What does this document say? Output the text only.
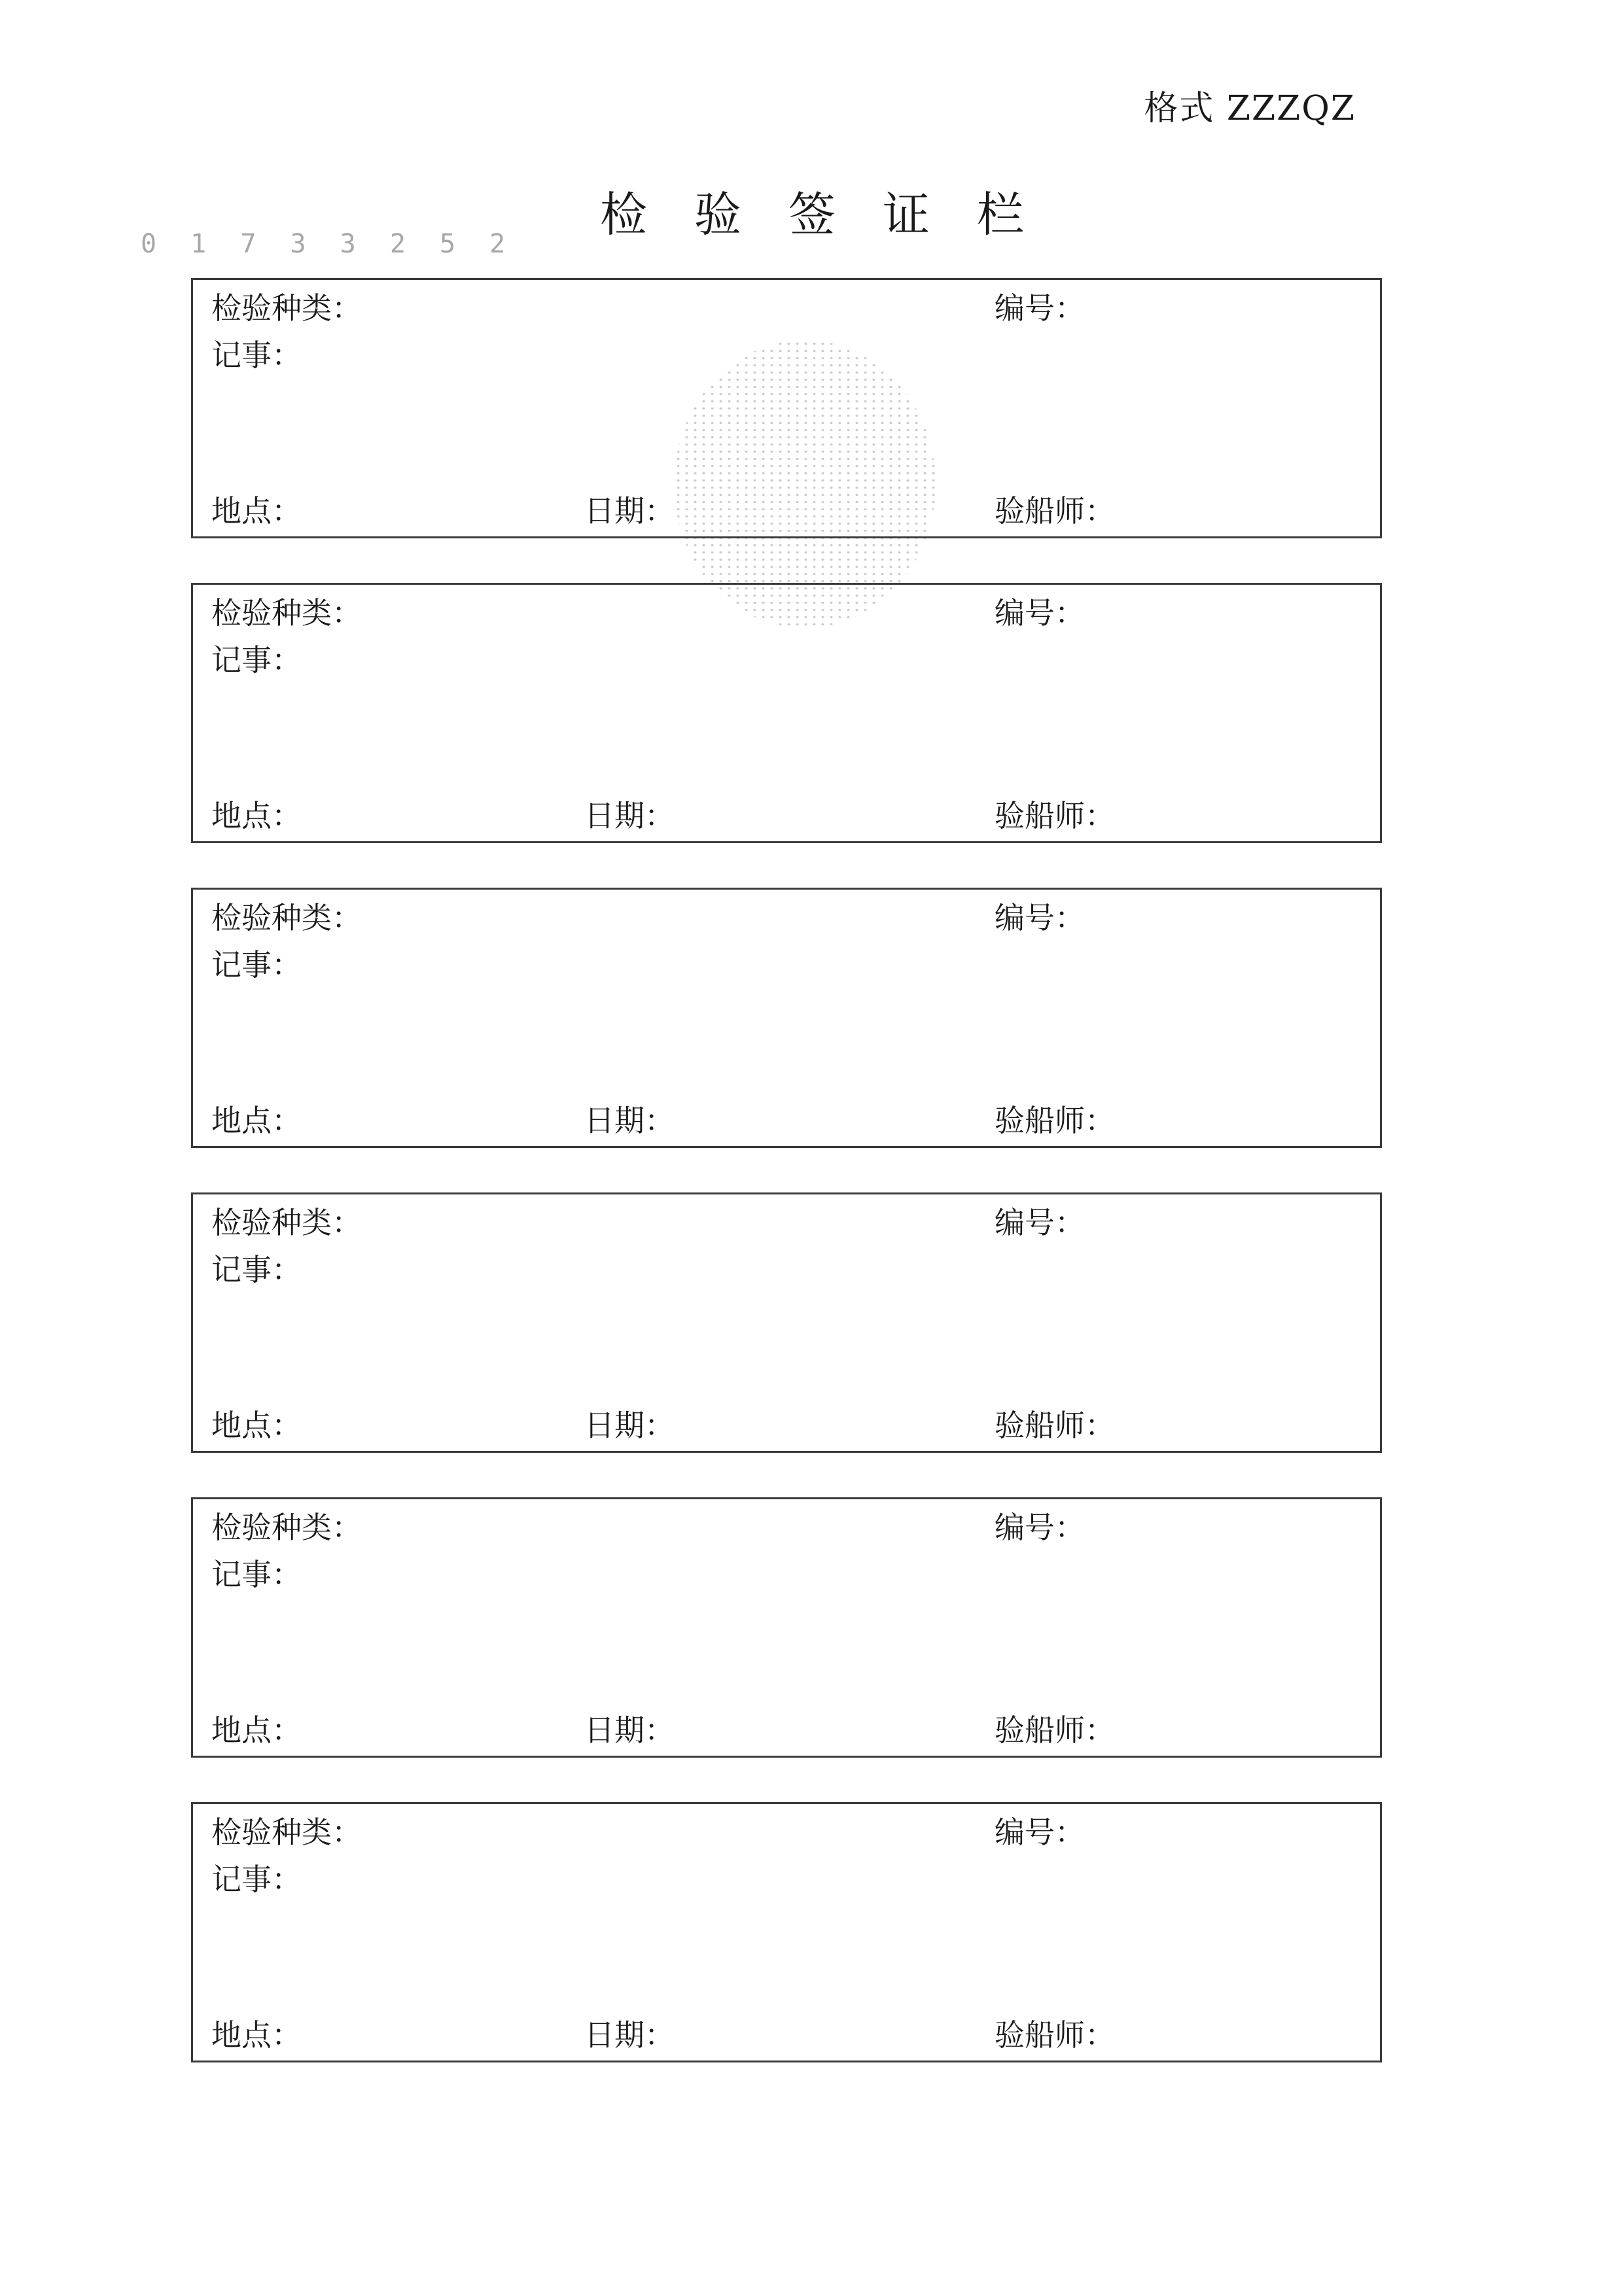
格式 ZZZQZ
0 1 7 3 3 2 5 2
检 验 签 证 栏
检验种类：	编号：
记事：
地点：	日期：	验船师：
检验种类：	编号：
记事：
地点：	日期：	验船师：
检验种类：	编号：
记事：
地点：	日期：	验船师：
检验种类：	编号：
记事：
地点：	日期：	验船师：
检验种类：	编号：
记事：
地点：	日期：	验船师：
检验种类：	编号：
记事：
地点：	日期：	验船师：
